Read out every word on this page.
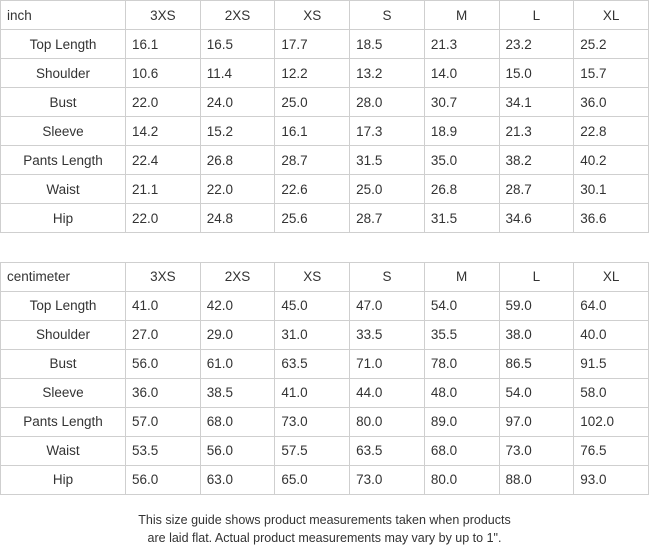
inch	3XS	2XS	XS	S	M	L	XL
Top Length	16.1	16.5	17.7	18.5	21.3	23.2	25.2
Shoulder	10.6	11.4	12.2	13.2	14.0	15.0	15.7
Bust	22.0	24.0	25.0	28.0	30.7	34.1	36.0
Sleeve	14.2	15.2	16.1	17.3	18.9	21.3	22.8
Pants Length	22.4	26.8	28.7	31.5	35.0	38.2	40.2
Waist	21.1	22.0	22.6	25.0	26.8	28.7	30.1
Hip	22.0	24.8	25.6	28.7	31.5	34.6	36.6

centimeter	3XS	2XS	XS	S	M	L	XL
Top Length	41.0	42.0	45.0	47.0	54.0	59.0	64.0
Shoulder	27.0	29.0	31.0	33.5	35.5	38.0	40.0
Bust	56.0	61.0	63.5	71.0	78.0	86.5	91.5
Sleeve	36.0	38.5	41.0	44.0	48.0	54.0	58.0
Pants Length	57.0	68.0	73.0	80.0	89.0	97.0	102.0
Waist	53.5	56.0	57.5	63.5	68.0	73.0	76.5
Hip	56.0	63.0	65.0	73.0	80.0	88.0	93.0
This size guide shows product measurements taken when products
are laid flat. Actual product measurements may vary by up to 1".
